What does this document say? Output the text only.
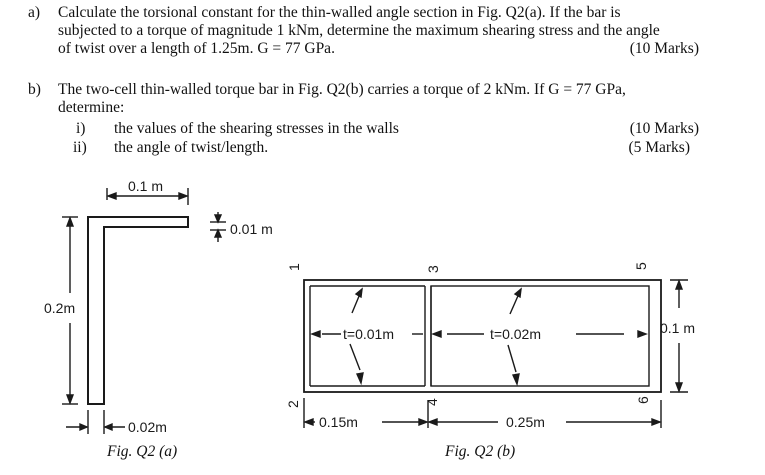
a) Calculate the torsional constant for the thin-walled angle section in Fig. Q2(a). If the bar is
subjected to a torque of magnitude 1 kNm, determine the maximum shearing stress and the angle
of twist over a length of 1.25m. G = 77 GPa.	(10 Marks)
b) The two-cell thin-walled torque bar in Fig. Q2(b) carries a torque of 2 kNm. If G = 77 GPa,
determine:
i) the values of the shearing stresses in the walls	(10 Marks)
ii) the angle of twist/length.	(5 Marks)
0.1 m
0.01 m
0.2m
0.02m
1
2
3
4
5
6
t=0.01m	t=0.02m	0.1 m
0.15m	0.25m
Fig. Q2 (a)	Fig. Q2 (b)
